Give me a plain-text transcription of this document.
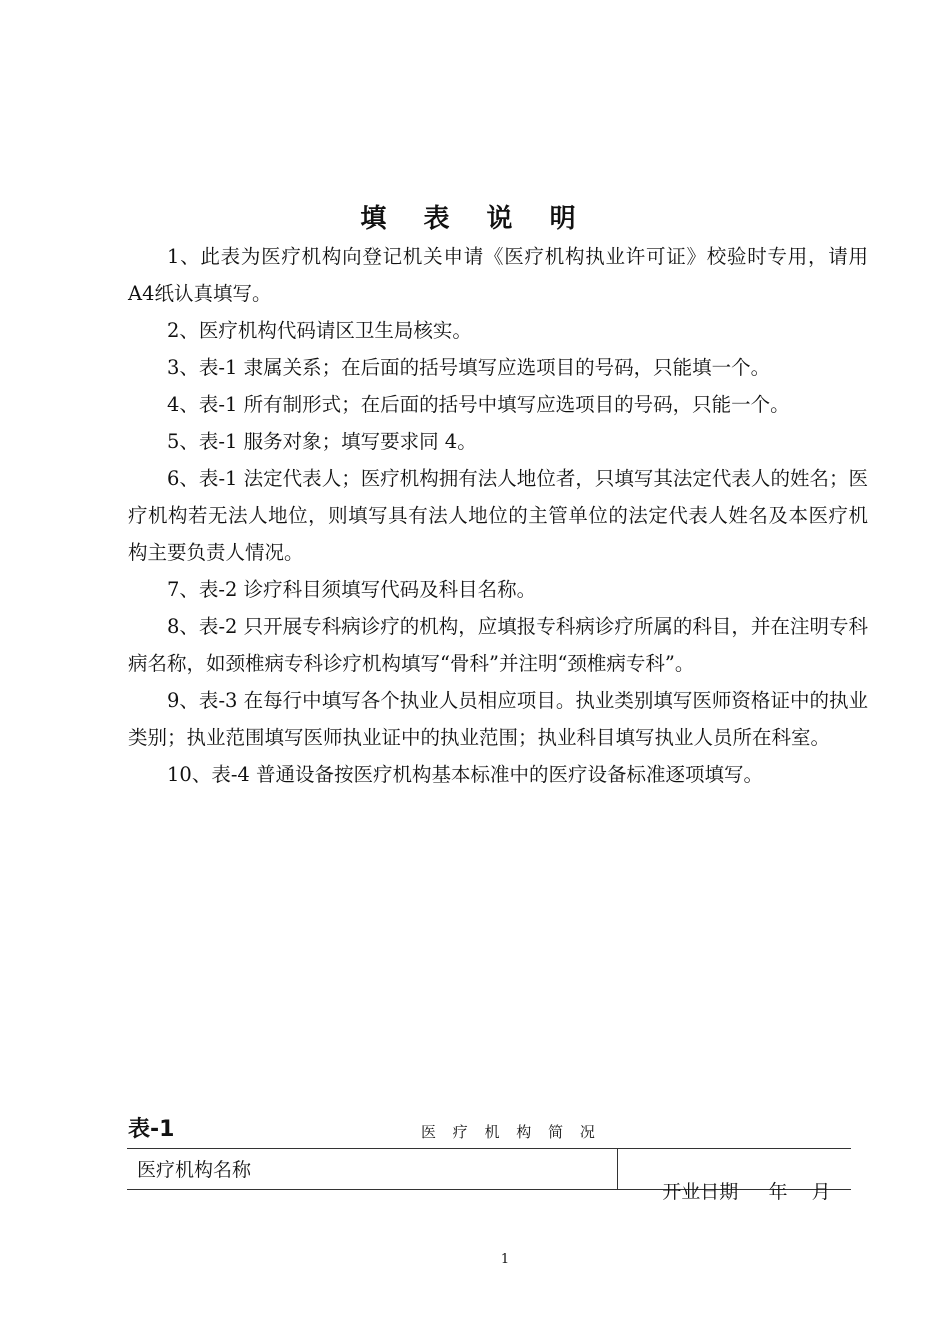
填 表 说 明

1、此表为医疗机构向登记机关申请《医疗机构执业许可证》校验时专用，请用 A4纸认真填写。

2、医疗机构代码请区卫生局核实。

3、表-1 隶属关系；在后面的括号填写应选项目的号码，只能填一个。

4、表-1 所有制形式；在后面的括号中填写应选项目的号码，只能一个。

5、表-1 服务对象；填写要求同 4。

6、表-1 法定代表人；医疗机构拥有法人地位者，只填写其法定代表人的姓名；医疗机构若无法人地位，则填写具有法人地位的主管单位的法定代表人姓名及本医疗机构主要负责人情况。

7、表-2 诊疗科目须填写代码及科目名称。

8、表-2 只开展专科病诊疗的机构，应填报专科病诊疗所属的科目，并在注明专科病名称，如颈椎病专科诊疗机构填写“骨科”并注明“颈椎病专科”。

9、表-3 在每行中填写各个执业人员相应项目。执业类别填写医师资格证中的执业类别；执业范围填写医师执业证中的执业范围；执业科目填写执业人员所在科室。

10、表-4 普通设备按医疗机构基本标准中的医疗设备标准逐项填写。

表-1	医 疗 机 构 简 况
医疗机构名称

开业日期     年    月

1
